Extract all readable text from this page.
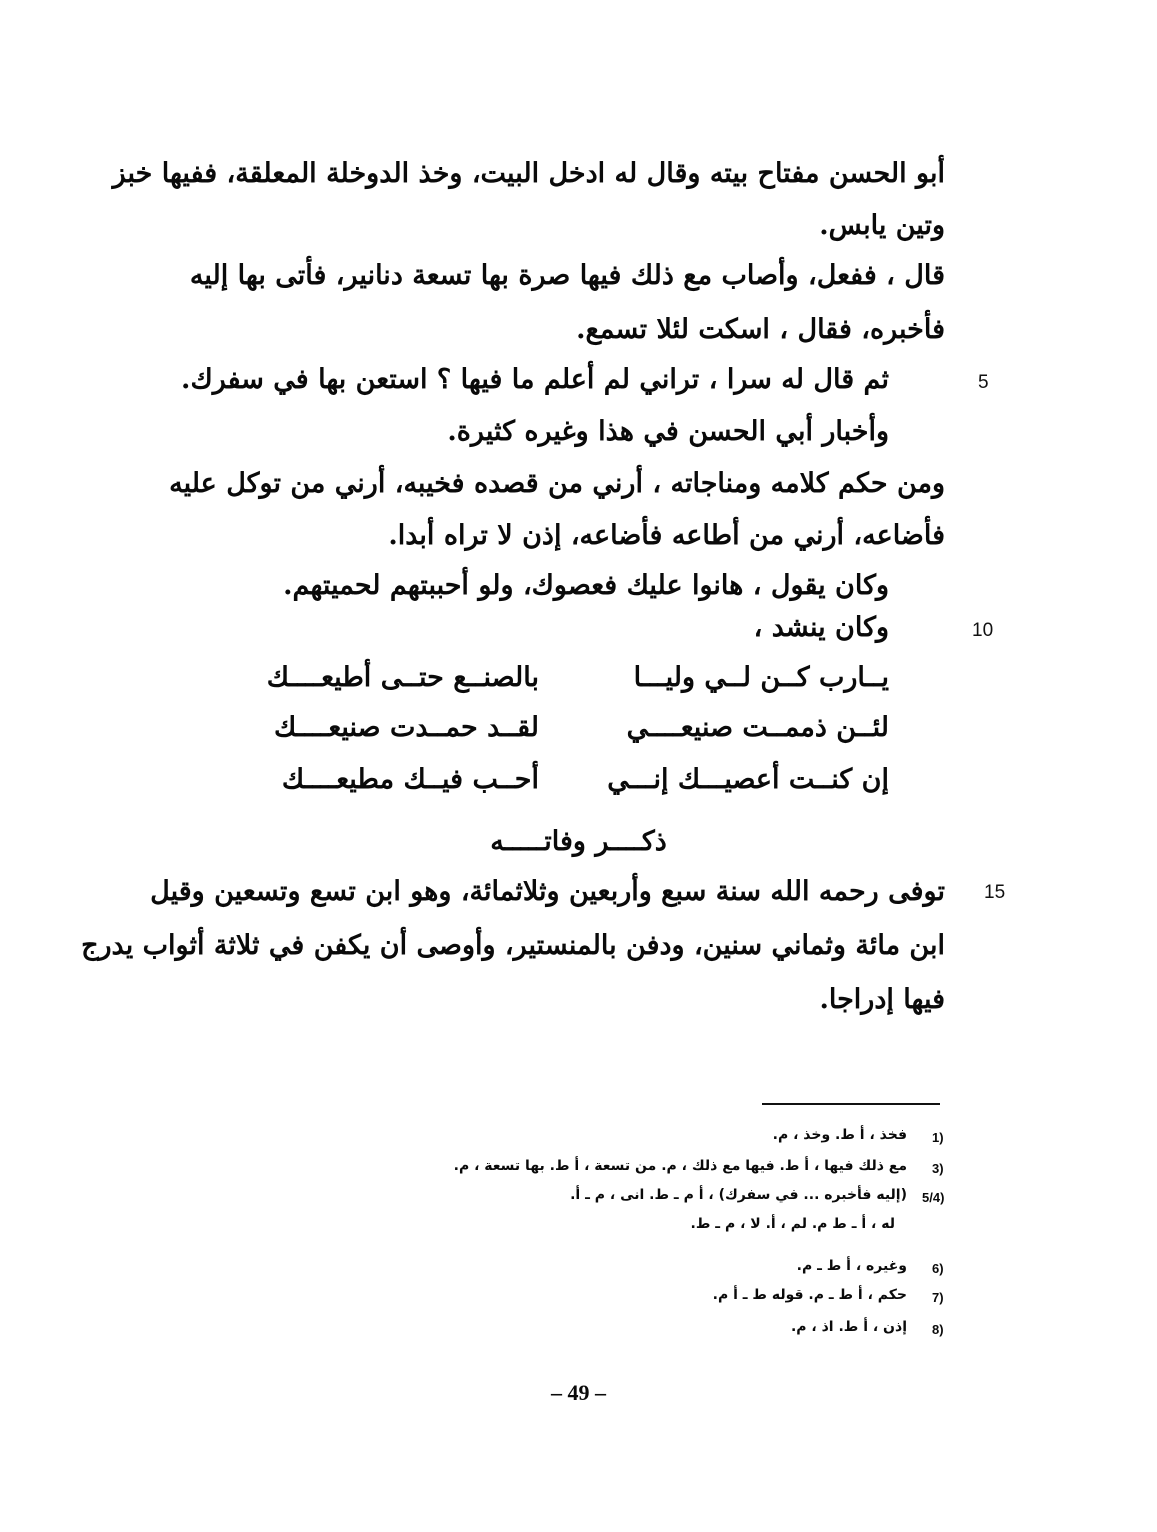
أبو الحسن مفتاح بيته وقال له ادخل البيت، وخذ الدوخلة المعلقة، ففيها خبز
وتين يابس.
قال ، ففعل، وأصاب مع ذلك فيها صرة بها تسعة دنانير، فأتى بها إليه
فأخبره، فقال ، اسكت لئلا تسمع.
5
ثم قال له سرا ، تراني لم أعلم ما فيها ؟ استعن بها في سفرك.
وأخبار أبي الحسن في هذا وغيره كثيرة.
ومن حكم كلامه ومناجاته ، أرني من قصده فخيبه، أرني من توكل عليه
فأضاعه، أرني من أطاعه فأضاعه، إذن لا تراه أبدا.
وكان يقول ، هانوا عليك فعصوك، ولو أحببتهم لحميتهم.
10
وكان ينشد ،
يــارب كــن لــي وليـــا
بالصنــع حتــى أطيعــــك
لئــن ذممــت صنيعــــي
لقــد حمــدت صنيعــــك
إن كنــت أعصيـــك إنـــي
أحــب فيــك مطيعــــك
ذكــــر وفاتـــــه
15
توفى رحمه الله سنة سبع وأربعين وثلاثمائة، وهو ابن تسع وتسعين وقيل
ابن مائة وثماني سنين، ودفن بالمنستير، وأوصى أن يكفن في ثلاثة أثواب يدرج
فيها إدراجا.
1)
فخذ ، أ ط. وخذ ، م.
3)
مع ذلك فيها ، أ ط. فيها مع ذلك ، م. من تسعة ، أ ط. بها تسعة ، م.
5/4)
(إليه فأخبره ... في سفرك) ، أ م ـ ط. انى ، م ـ أ.
له ، أ ـ ط م. لم ، أ. لا ، م ـ ط.
6)
وغيره ، أ ط ـ م.
7)
حكم ، أ ط ـ م. قوله ط ـ أ م.
8)
إذن ، أ ط. اذ ، م.
– 49 –
